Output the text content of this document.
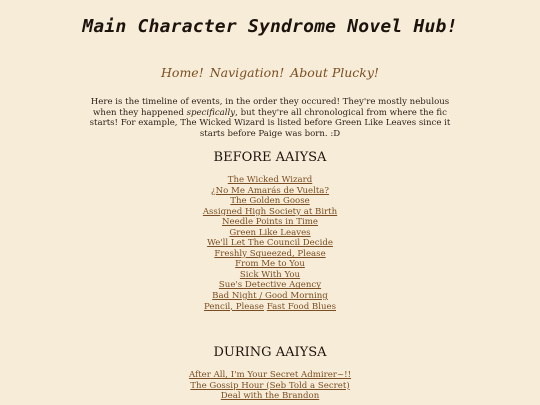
Main Character Syndrome Novel Hub!
Home! Navigation! About Plucky!

Here is the timeline of events, in the order they occured! They're mostly nebulous when they happened specifically, but they're all chronological from where the fic starts! For example, The Wicked Wizard is listed before Green Like Leaves since it starts before Paige was born. :D

BEFORE AAIYSA
The Wicked Wizard
¿No Me Amarás de Vuelta?
The Golden Goose
Assigned High Society at Birth
Needle Points in Time
Green Like Leaves
We'll Let The Council Decide
Freshly Squeezed, Please
From Me to You
Sick With You
Sue's Detective Agency
Bad Night / Good Morning
Pencil, Please Fast Food Blues
DURING AAIYSA
After All, I'm Your Secret Admirer~!!
The Gossip Hour (Seb Told a Secret)
Deal with the Brandon
